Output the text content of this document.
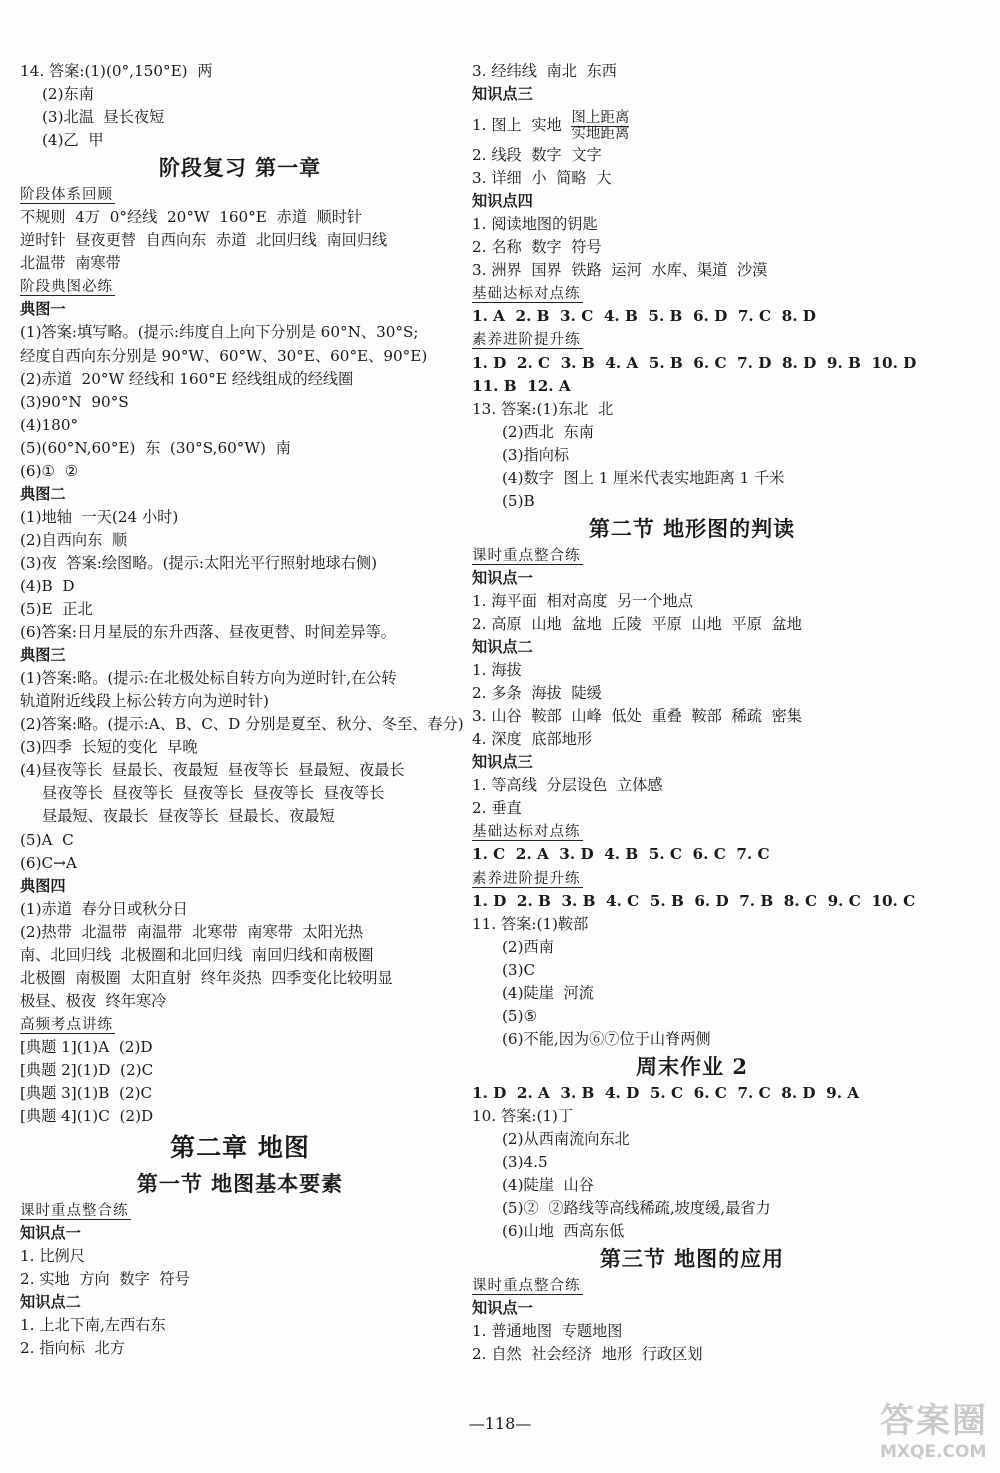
14. 答案:(1)(0°,150°E)  两
(2)东南
(3)北温  昼长夜短
(4)乙  甲
阶段复习 第一章
阶段体系回顾
不规则  4万  0°经线  20°W  160°E  赤道  顺时针
逆时针  昼夜更替  自西向东  赤道  北回归线  南回归线
北温带  南寒带
阶段典图必练
典图一
(1)答案:填写略。(提示:纬度自上向下分别是 60°N、30°S;
经度自西向东分别是 90°W、60°W、30°E、60°E、90°E)
(2)赤道  20°W 经线和 160°E 经线组成的经线圈
(3)90°N  90°S
(4)180°
(5)(60°N,60°E)  东  (30°S,60°W)  南
(6)①  ②
典图二
(1)地轴  一天(24 小时)
(2)自西向东  顺
(3)夜  答案:绘图略。(提示:太阳光平行照射地球右侧)
(4)B  D
(5)E  正北
(6)答案:日月星辰的东升西落、昼夜更替、时间差异等。
典图三
(1)答案:略。(提示:在北极处标自转方向为逆时针,在公转
轨道附近线段上标公转方向为逆时针)
(2)答案:略。(提示:A、B、C、D 分别是夏至、秋分、冬至、春分)
(3)四季  长短的变化  早晚
(4)昼夜等长  昼最长、夜最短  昼夜等长  昼最短、夜最长
昼夜等长  昼夜等长  昼夜等长  昼夜等长  昼夜等长
昼最短、夜最长  昼夜等长  昼最长、夜最短
(5)A  C
(6)C→A
典图四
(1)赤道  春分日或秋分日
(2)热带  北温带  南温带  北寒带  南寒带  太阳光热
南、北回归线  北极圈和北回归线  南回归线和南极圈
北极圈  南极圈  太阳直射  终年炎热  四季变化比较明显
极昼、极夜  终年寒冷
高频考点讲练
[典题 1](1)A  (2)D
[典题 2](1)D  (2)C
[典题 3](1)B  (2)C
[典题 4](1)C  (2)D
第二章 地图
第一节 地图基本要素
课时重点整合练
知识点一
1. 比例尺
2. 实地  方向  数字  符号
知识点二
1. 上北下南,左西右东
2. 指向标  北方
3. 经纬线  南北  东西
知识点三
1. 图上  实地 $\frac{\text{图上距离}}{\text{实地距离}}$
2. 线段  数字  文字
3. 详细  小  简略  大
知识点四
1. 阅读地图的钥匙
2. 名称  数字  符号
3. 洲界  国界  铁路  运河  水库、渠道  沙漠
基础达标对点练
1. A  2. B  3. C  4. B  5. B  6. D  7. C  8. D
素养进阶提升练
1. D  2. C  3. B  4. A  5. B  6. C  7. D  8. D  9. B  10. D
11. B  12. A
13. 答案:(1)东北  北
(2)西北  东南
(3)指向标
(4)数字  图上 1 厘米代表实地距离 1 千米
(5)B
第二节 地形图的判读
课时重点整合练
知识点一
1. 海平面  相对高度  另一个地点
2. 高原  山地  盆地  丘陵  平原  山地  平原  盆地
知识点二
1. 海拔
2. 多条  海拔  陡缓
3. 山谷  鞍部  山峰  低处  重叠  鞍部  稀疏  密集
4. 深度  底部地形
知识点三
1. 等高线  分层设色  立体感
2. 垂直
基础达标对点练
1. C  2. A  3. D  4. B  5. C  6. C  7. C
素养进阶提升练
1. D  2. B  3. B  4. C  5. B  6. D  7. B  8. C  9. C  10. C
11. 答案:(1)鞍部
(2)西南
(3)C
(4)陡崖  河流
(5)⑤
(6)不能,因为⑥⑦位于山脊两侧
周末作业 2
1. D  2. A  3. B  4. D  5. C  6. C  7. C  8. D  9. A
10. 答案:(1)丁
(2)从西南流向东北
(3)4.5
(4)陡崖  山谷
(5)②  ②路线等高线稀疏,坡度缓,最省力
(6)山地  西高东低
第三节 地图的应用
课时重点整合练
知识点一
1. 普通地图  专题地图
2. 自然  社会经济  地形  行政区划
—118—	答案圈
MXQE.COM
